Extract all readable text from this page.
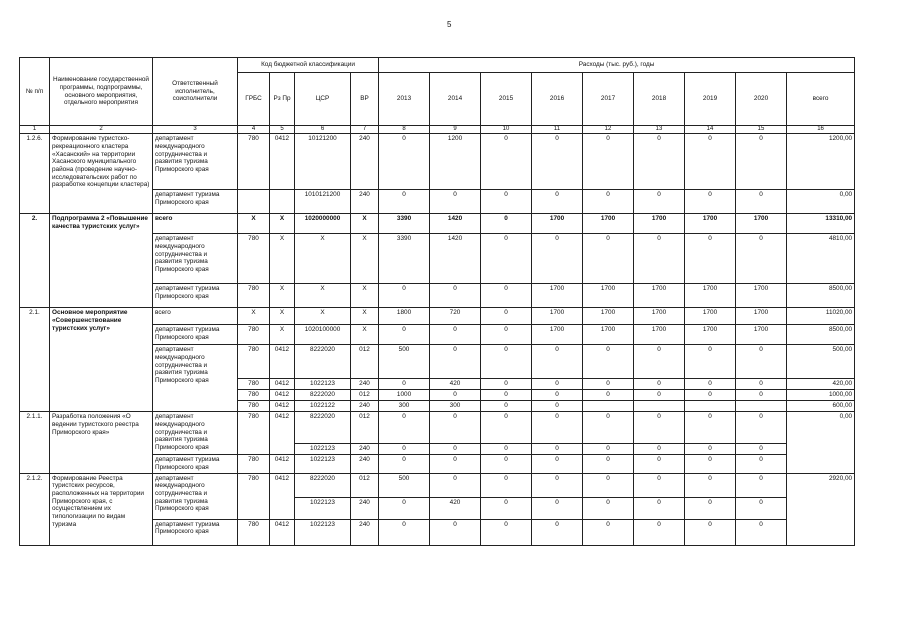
5
№ п/п	Наименование государственной программы, подпрограммы, основного мероприятия, отдельного мероприятия	Ответственный исполнитель, соисполнители	Код бюджетной классификации				Расходы (тыс. руб.), годы								
			ГРБС	Рз Пр	ЦСР	ВР	2013	2014	2015	2016	2017	2018	2019	2020	всего
1	2	3	4	5	6	7	8	9	10	11	12	13	14	15	16
1.2.6.	Формирование туристско-рекреационного кластера «Хасанский» на территории Хасанского муниципального района (проведение научно-исследовательских работ по разработке концепции кластера)	департамент международного сотрудничества и развития туризма Приморского края	780	0412	10121200	240	0	1200	0	0	0	0	0	0	1200,00
		департамент туризма Приморского края			1010121200	240	0	0	0	0	0	0	0	0	0,00
2.	Подпрограмма 2 «Повышение качества туристских услуг»	всего	Х	Х	1020000000	Х	3390	1420	0	1700	1700	1700	1700	1700	13310,00
		департамент международного сотрудничества и развития туризма Приморского края	780	Х	Х	Х	3390	1420	0	0	0	0	0	0	4810,00
		департамент туризма Приморского края	780	Х	Х	Х	0	0	0	1700	1700	1700	1700	1700	8500,00
2.1.	Основное мероприятие «Совершенствование туристских услуг»	всего	Х	Х	Х	Х	1800	720	0	1700	1700	1700	1700	1700	11020,00
		департамент туризма Приморского края	780	Х	1020100000	Х	0	0	0	1700	1700	1700	1700	1700	8500,00
		департамент международного сотрудничества и развития туризма Приморского края	780	0412	8222020	012	500	0	0	0	0	0	0	0	500,00
			780	0412	1022123	240	0	420	0	0	0	0	0	0	420,00
			780	0412	8222020	012	1000	0	0	0	0	0	0	0	1000,00
			780	0412	1022122	240	300	300	0	0					600,00
2.1.1.	Разработка положения «О ведении туристского реестра Приморского края»	департамент международного сотрудничества и развития туризма Приморского края	780	0412	8222020	012	0	0	0	0	0	0	0	0	0,00
					1022123	240	0	0	0	0	0	0	0	0	
		департамент туризма Приморского края	780	0412	1022123	240	0	0	0	0	0	0	0	0	
2.1.2.	Формирование Реестра туристских ресурсов, расположенных на территории Приморского края, с осуществлением их типологизации по видам туризма	департамент международного сотрудничества и развития туризма Приморского края	780	0412	8222020	012	500	0	0	0	0	0	0	0	2920,00
					1022123	240	0	420	0	0	0	0	0	0	
		департамент туризма Приморского края	780	0412	1022123	240	0	0	0	0	0	0	0	0	
